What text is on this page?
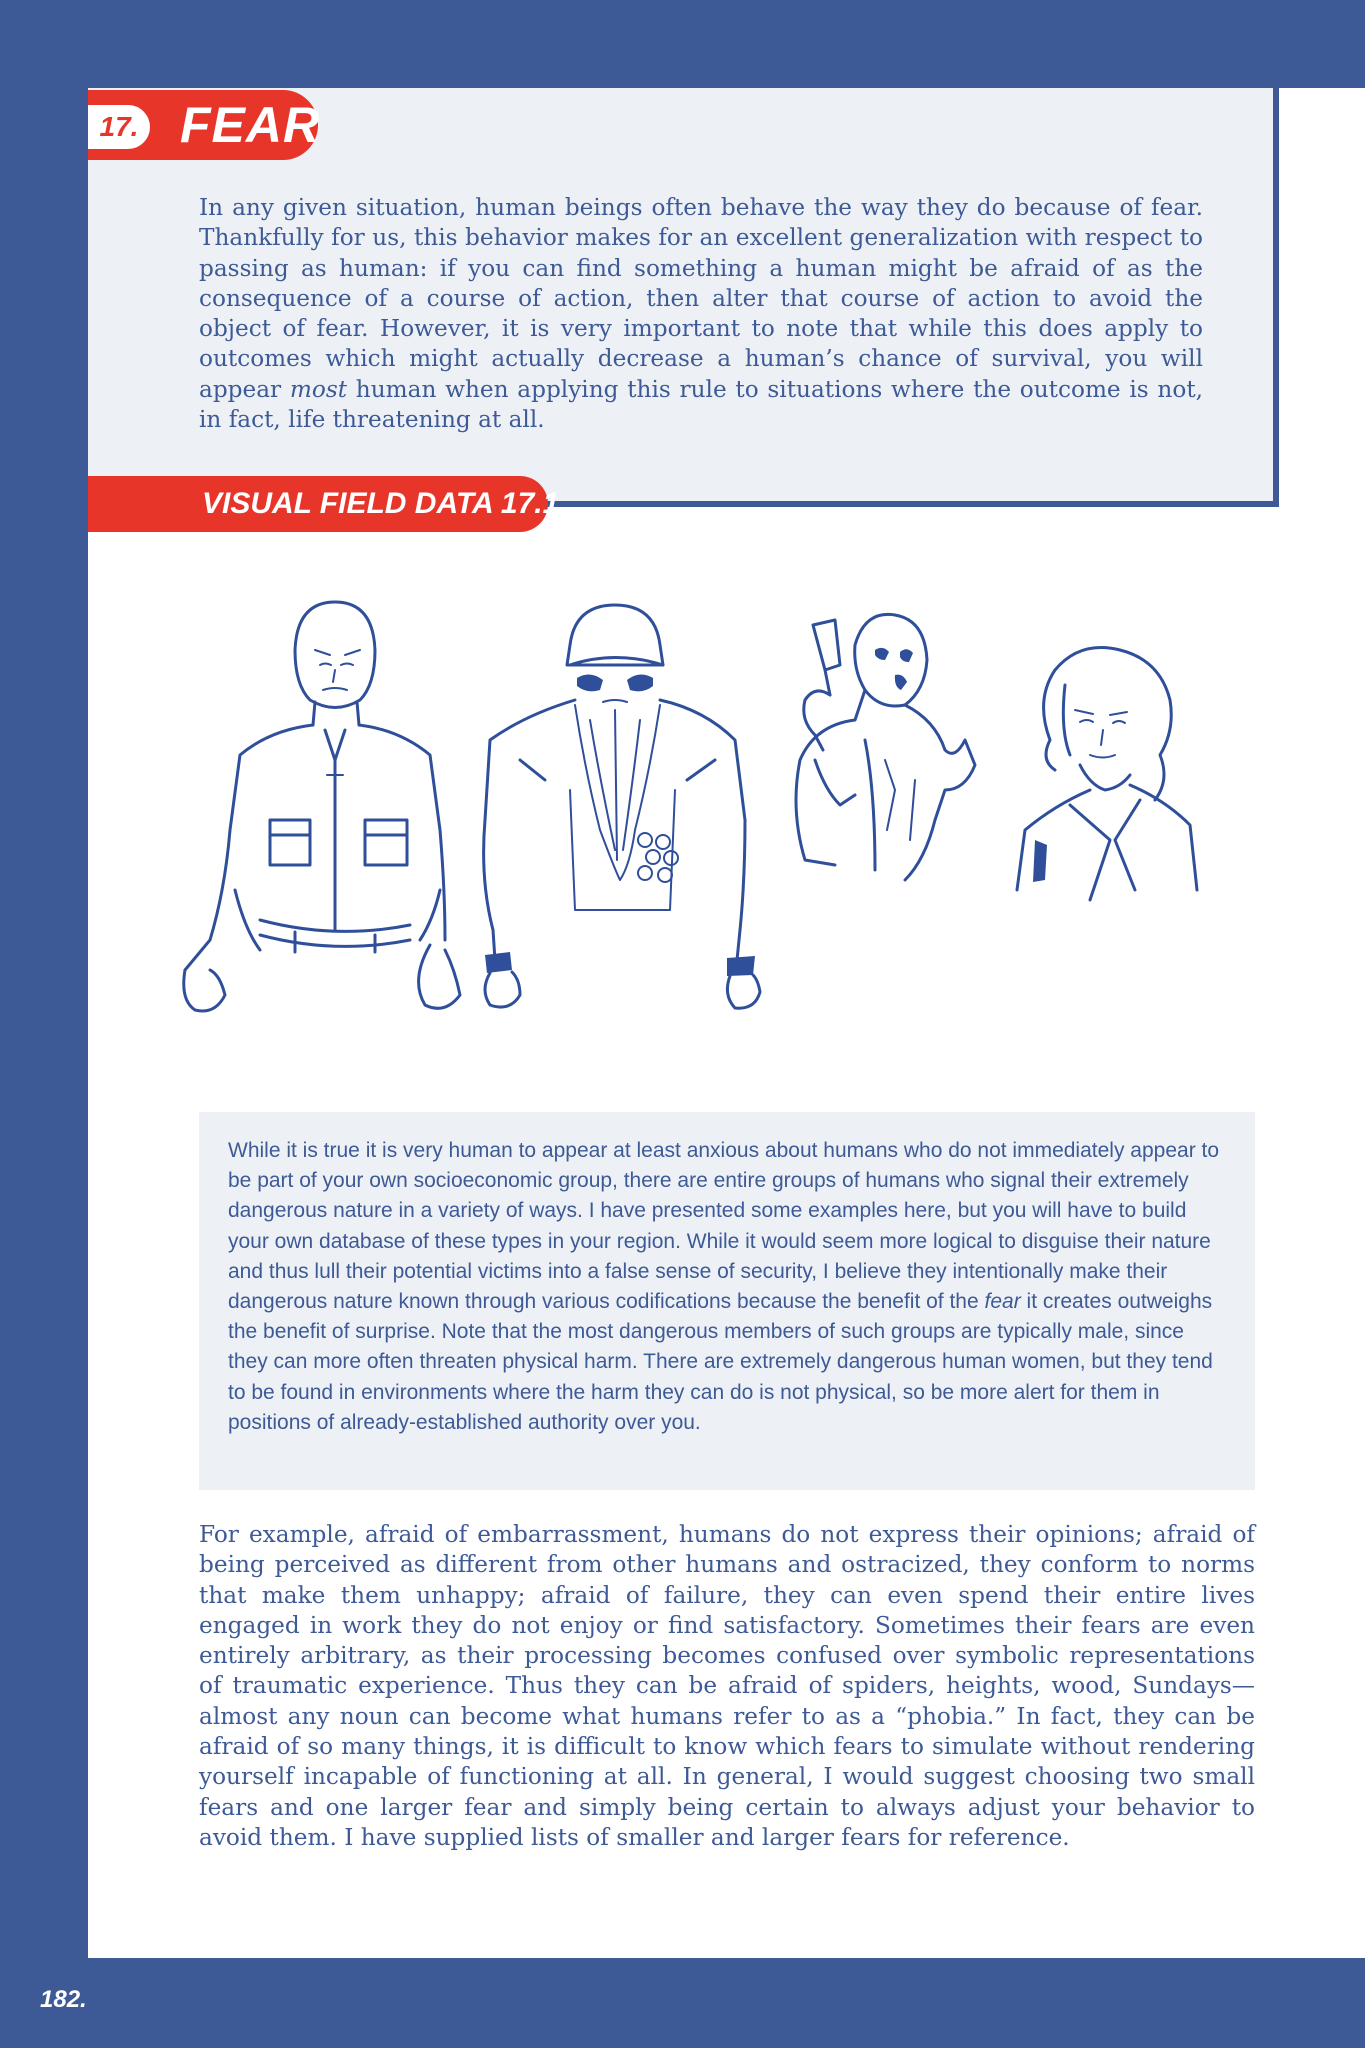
17. FEAR

In any given situation, human beings often behave the way they do because of fear. Thankfully for us, this behavior makes for an excellent generalization with respect to passing as human: if you can find something a human might be afraid of as the consequence of a course of action, then alter that course of action to avoid the object of fear. However, it is very important to note that while this does apply to outcomes which might actually decrease a human’s chance of survival, you will appear most human when applying this rule to situations where the outcome is not, in fact, life threatening at all.

VISUAL FIELD DATA 17.1

While it is true it is very human to appear at least anxious about humans who do not immediately appear to be part of your own socioeconomic group, there are entire groups of humans who signal their extremely dangerous nature in a variety of ways. I have presented some examples here, but you will have to build your own database of these types in your region. While it would seem more logical to disguise their nature and thus lull their potential victims into a false sense of security, I believe they intentionally make their dangerous nature known through various codifications because the benefit of the fear it creates outweighs the benefit of surprise. Note that the most dangerous members of such groups are typically male, since they can more often threaten physical harm. There are extremely dangerous human women, but they tend to be found in environments where the harm they can do is not physical, so be more alert for them in positions of already-established authority over you.

For example, afraid of embarrassment, humans do not express their opinions; afraid of being perceived as different from other humans and ostracized, they conform to norms that make them unhappy; afraid of failure, they can even spend their entire lives engaged in work they do not enjoy or find satisfactory. Sometimes their fears are even entirely arbitrary, as their processing becomes confused over symbolic representations of traumatic experience. Thus they can be afraid of spiders, heights, wood, Sundays—almost any noun can become what humans refer to as a “phobia.” In fact, they can be afraid of so many things, it is difficult to know which fears to simulate without rendering yourself incapable of functioning at all. In general, I would suggest choosing two small fears and one larger fear and simply being certain to always adjust your behavior to avoid them. I have supplied lists of smaller and larger fears for reference.

182.
